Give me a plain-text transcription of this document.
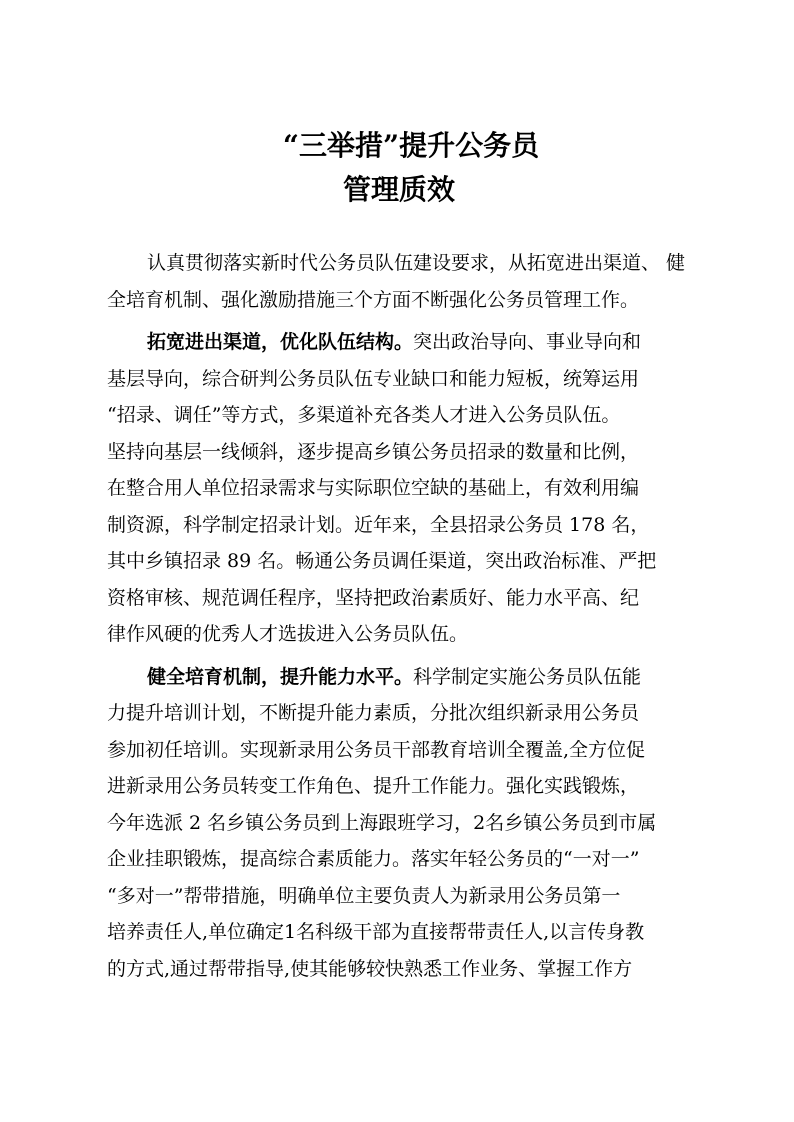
“三举措”提升公务员
管理质效
认真贯彻落实新时代公务员队伍建设要求，从拓宽进出渠道、 健
全培育机制、强化激励措施三个方面不断强化公务员管理工作。
拓宽进出渠道，优化队伍结构。突出政治导向、事业导向和
基层导向，综合研判公务员队伍专业缺口和能力短板，统筹运用
“招录、调任”等方式，多渠道补充各类人才进入公务员队伍。
坚持向基层一线倾斜，逐步提高乡镇公务员招录的数量和比例，
在整合用人单位招录需求与实际职位空缺的基础上，有效利用编
制资源，科学制定招录计划。近年来，全县招录公务员 178 名，
其中乡镇招录 89 名。畅通公务员调任渠道，突出政治标准、严把
资格审核、规范调任程序，坚持把政治素质好、能力水平高、纪
律作风硬的优秀人才选拔进入公务员队伍。
健全培育机制，提升能力水平。科学制定实施公务员队伍能
力提升培训计划，不断提升能力素质，分批次组织新录用公务员
参加初任培训。实现新录用公务员干部教育培训全覆盖,全方位促
进新录用公务员转变工作角色、提升工作能力。强化实践锻炼，
今年选派 2 名乡镇公务员到上海跟班学习，2名乡镇公务员到市属
企业挂职锻炼，提高综合素质能力。落实年轻公务员的“一对一”
“多对一”帮带措施，明确单位主要负责人为新录用公务员第一
培养责任人,单位确定1名科级干部为直接帮带责任人,以言传身教
的方式,通过帮带指导,使其能够较快熟悉工作业务、掌握工作方
